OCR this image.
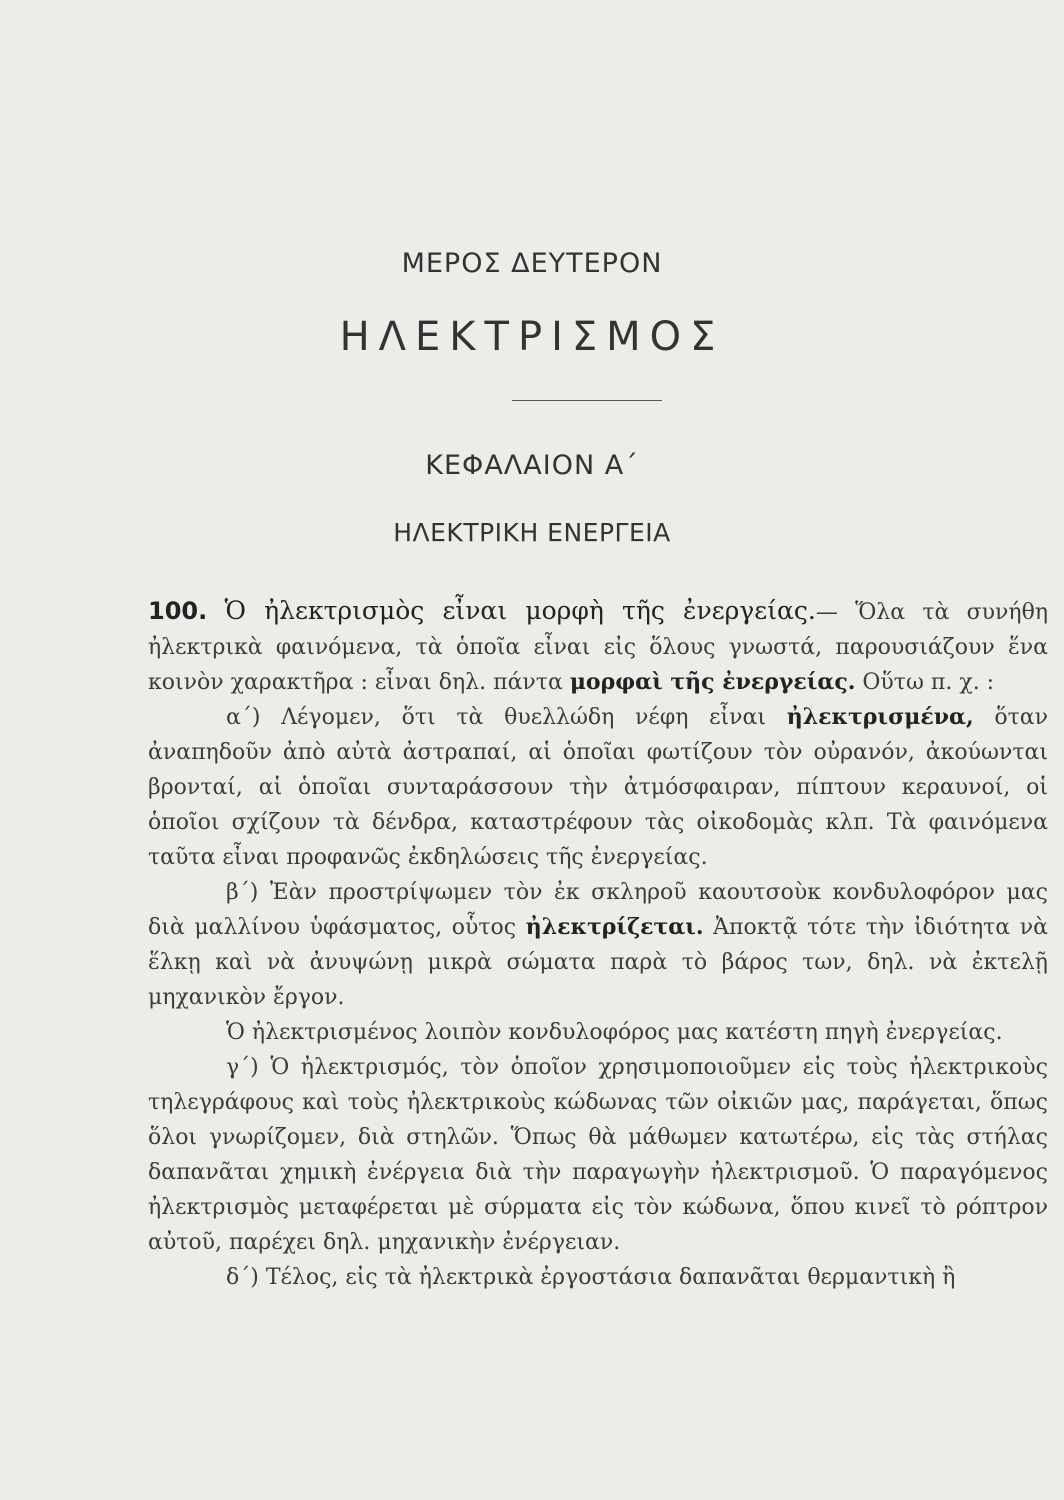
ΜΕΡΟΣ ΔΕΥΤΕΡΟΝ
ΗΛΕΚΤΡΙΣΜΟΣ
ΚΕΦΑΛΑΙΟΝ Α΄
ΗΛΕΚΤΡΙΚΗ ΕΝΕΡΓΕΙΑ

100. Ὁ ἠλεκτρισμὸς εἶναι μορφὴ τῆς ἐνεργείας.— Ὅλα τὰ συνήθη ἠλεκτρικὰ φαινόμενα, τὰ ὁποῖα εἶναι εἰς ὅλους γνωστά, παρουσιάζουν ἕνα κοινὸν χαρακτῆρα : εἶναι δηλ. πάντα μορφαὶ τῆς ἐνεργείας. Οὕτω π. χ. :

α΄) Λέγομεν, ὅτι τὰ θυελλώδη νέφη εἶναι ἠλεκτρισμένα, ὅταν ἀναπηδοῦν ἀπὸ αὐτὰ ἀστραπαί, αἱ ὁποῖαι φωτίζουν τὸν οὐρανόν, ἀκούωνται βρονταί, αἱ ὁποῖαι συνταράσσουν τὴν ἀτμόσφαιραν, πίπτουν κεραυνοί, οἱ ὁποῖοι σχίζουν τὰ δένδρα, καταστρέφουν τὰς οἰκοδομὰς κλπ. Τὰ φαινόμενα ταῦτα εἶναι προφανῶς ἐκδηλώσεις τῆς ἐνεργείας.

β΄) Ἐὰν προστρίψωμεν τὸν ἐκ σκληροῦ καουτσοὺκ κονδυλοφόρον μας διὰ μαλλίνου ὑφάσματος, οὗτος ἠλεκτρίζεται. Ἀποκτᾷ τότε τὴν ἰδιότητα νὰ ἕλκῃ καὶ νὰ ἀνυψώνῃ μικρὰ σώματα παρὰ τὸ βάρος των, δηλ. νὰ ἐκτελῇ μηχανικὸν ἔργον.

Ὁ ἠλεκτρισμένος λοιπὸν κονδυλοφόρος μας κατέστη πηγὴ ἐνεργείας.

γ΄) Ὁ ἠλεκτρισμός, τὸν ὁποῖον χρησιμοποιοῦμεν εἰς τοὺς ἠλεκτρικοὺς τηλεγράφους καὶ τοὺς ἠλεκτρικοὺς κώδωνας τῶν οἰκιῶν μας, παράγεται, ὅπως ὅλοι γνωρίζομεν, διὰ στηλῶν. Ὅπως θὰ μάθωμεν κατωτέρω, εἰς τὰς στήλας δαπανᾶται χημικὴ ἐνέργεια διὰ τὴν παραγωγὴν ἠλεκτρισμοῦ. Ὁ παραγόμενος ἠλεκτρισμὸς μεταφέρεται μὲ σύρματα εἰς τὸν κώδωνα, ὅπου κινεῖ τὸ ρόπτρον αὐτοῦ, παρέχει δηλ. μηχανικὴν ἐνέργειαν.

δ΄) Τέλος, εἰς τὰ ἠλεκτρικὰ ἐργοστάσια δαπανᾶται θερμαντικὴ ἢ
